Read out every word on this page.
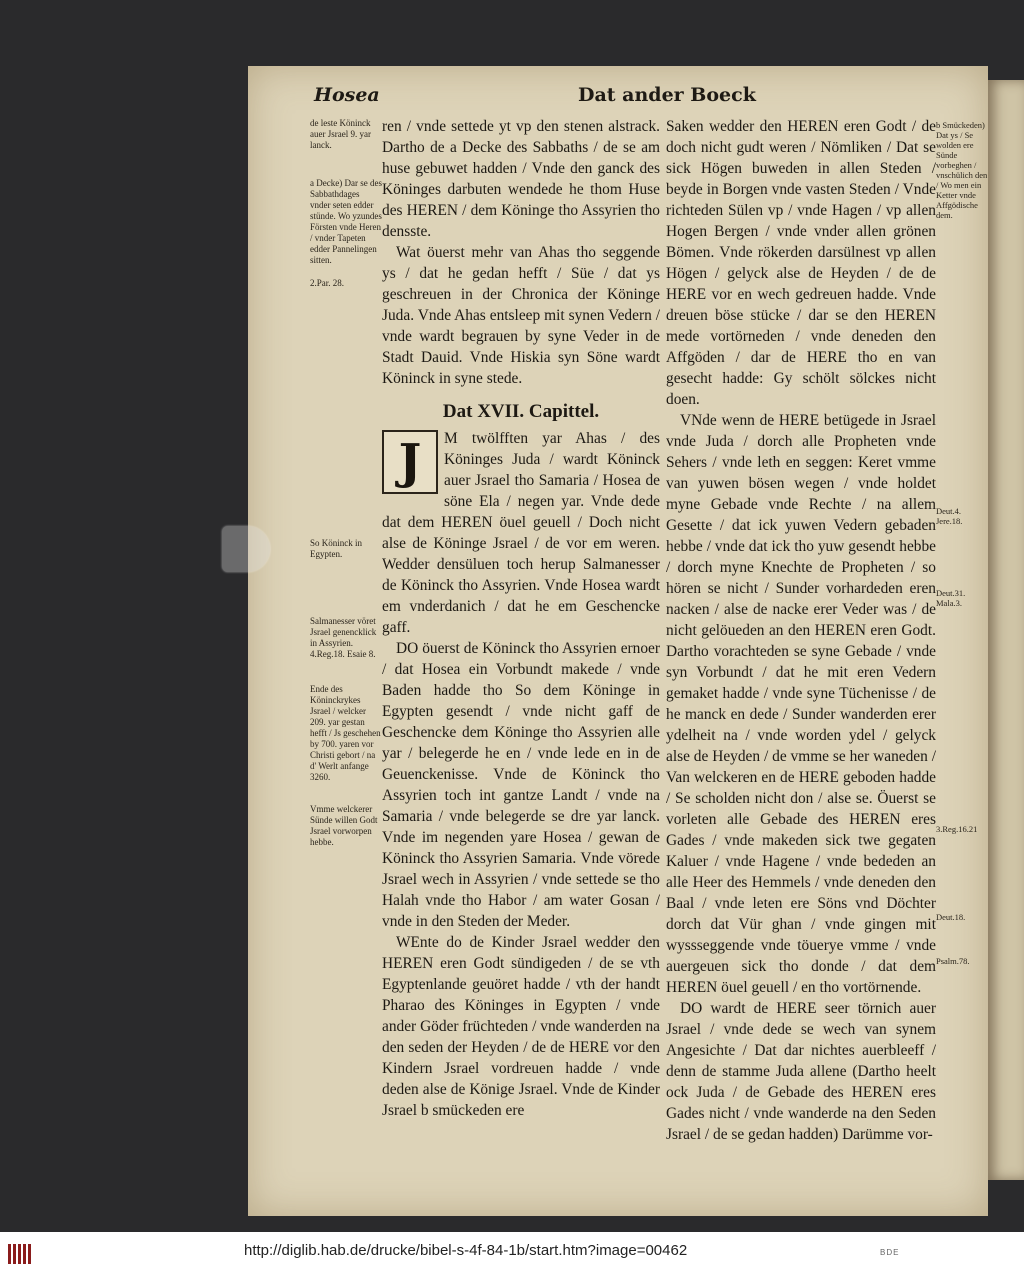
Hosea	Dat ander Boeck

de leste Köninck auer Jsrael 9. yar lanck.

a Decke) Dar se des Sabbathdages vnder seten edder stünde. Wo yzundes Försten vnde Heren / vnder Tapeten edder Pannelingen sitten.

2.Par. 28.

So Köninck in Egypten.

Salmanesser vöret Jsrael genencklick in Assyrien. 4.Reg.18. Esaie 8.

Ende des Köninckrykes Jsrael / welcker 209. yar gestan hefft / Js geschehen by 700. yaren vor Christi gebort / na d' Werlt anfange 3260.

Vmme welckerer Sünde willen Godt Jsrael vorworpen hebbe.

ren / vnde settede yt vp den stenen alstrack. Dartho de a Decke des Sabbaths / de se am huse gebuwet hadden / Vnde den ganck des Köninges darbuten wendede he thom Huse des HEREN / dem Köninge tho Assyrien tho densste.

Wat öuerst mehr van Ahas tho seggende ys / dat he gedan hefft / Süe / dat ys geschreuen in der Chronica der Köninge Juda. Vnde Ahas entsleep mit synen Vedern / vnde wardt begrauen by syne Veder in de Stadt Dauid. Vnde Hiskia syn Söne wardt Köninck in syne stede.

Dat XVII. Capittel.
J	M twölfften yar Ahas / des Köninges Juda / wardt Köninck auer Jsrael tho Samaria / Hosea de söne Ela / negen yar. Vnde dede dat dem HEREN öuel geuell / Doch nicht alse de Köninge Jsrael / de vor em weren. Wedder densüluen toch herup Salmanesser de Köninck tho Assyrien. Vnde Hosea wardt em vnderdanich / dat he em Geschencke gaff.

DO öuerst de Köninck tho Assyrien ernoer / dat Hosea ein Vorbundt makede / vnde Baden hadde tho So dem Köninge in Egypten gesendt / vnde nicht gaff de Geschencke dem Köninge tho Assyrien alle yar / belegerde he en / vnde lede en in de Geuenckenisse. Vnde de Köninck tho Assyrien toch int gantze Landt / vnde na Samaria / vnde belegerde se dre yar lanck. Vnde im negenden yare Hosea / gewan de Köninck tho Assyrien Samaria. Vnde vörede Jsrael wech in Assyrien / vnde settede se tho Halah vnde tho Habor / am water Gosan / vnde in den Steden der Meder.

WEnte do de Kinder Jsrael wedder den HEREN eren Godt sündigeden / de se vth Egyptenlande geuöret hadde / vth der handt Pharao des Köninges in Egypten / vnde ander Göder früchteden / vnde wanderden na den seden der Heyden / de de HERE vor den Kindern Jsrael vordreuen hadde / vnde deden alse de Könige Jsrael. Vnde de Kinder Jsrael b smückeden ere

Saken wedder den HEREN eren Godt / de doch nicht gudt weren / Nömliken / Dat se sick Högen buweden in allen Steden / beyde in Borgen vnde vasten Steden / Vnde richteden Sülen vp / vnde Hagen / vp allen Hogen Bergen / vnde vnder allen grönen Bömen. Vnde rökerden darsülnest vp allen Högen / gelyck alse de Heyden / de de HERE vor en wech gedreuen hadde. Vnde dreuen böse stücke / dar se den HEREN mede vortörneden / vnde deneden den Affgöden / dar de HERE tho en van gesecht hadde: Gy schölt sölckes nicht doen.

VNde wenn de HERE betügede in Jsrael vnde Juda / dorch alle Propheten vnde Sehers / vnde leth en seggen: Keret vmme van yuwen bösen wegen / vnde holdet myne Gebade vnde Rechte / na allem Gesette / dat ick yuwen Vedern gebaden hebbe / vnde dat ick tho yuw gesendt hebbe / dorch myne Knechte de Propheten / so hören se nicht / Sunder vorhardeden eren nacken / alse de nacke erer Veder was / de nicht gelöueden an den HEREN eren Godt. Dartho vorachteden se syne Gebade / vnde syn Vorbundt / dat he mit eren Vedern gemaket hadde / vnde syne Tüchenisse / de he manck en dede / Sunder wanderden erer ydelheit na / vnde worden ydel / gelyck alse de Heyden / de vmme se her waneden / Van welckeren en de HERE geboden hadde / Se scholden nicht don / alse se. Öuerst se vorleten alle Gebade des HEREN eres Gades / vnde makeden sick twe gegaten Kaluer / vnde Hagene / vnde bededen an alle Heer des Hemmels / vnde deneden den Baal / vnde leten ere Söns vnd Döchter dorch dat Vür ghan / vnde gingen mit wyssseggende vnde töuerye vmme / vnde auergeuen sick tho donde / dat dem HEREN öuel geuell / en tho vortörnende.

DO wardt de HERE seer törnich auer Jsrael / vnde dede se wech van synem Angesichte / Dat dar nichtes auerbleeff / denn de stamme Juda allene (Dartho heelt ock Juda / de Gebade des HEREN eres Gades nicht / vnde wanderde na den Seden Jsrael / de se gedan hadden) Darümme vor-

b Smückeden) Dat ys / Se wolden ere Sünde vorbeghen / vnschülich den / Wo men ein Ketter vnde Affgödische dem.

Deut.4. Jere.18.

Deut.31. Mala.3.

3.Reg.16.21

Deut.18.

Psalm.78.

http://diglib.hab.de/drucke/bibel-s-4f-84-1b/start.htm?image=00462	BDE
